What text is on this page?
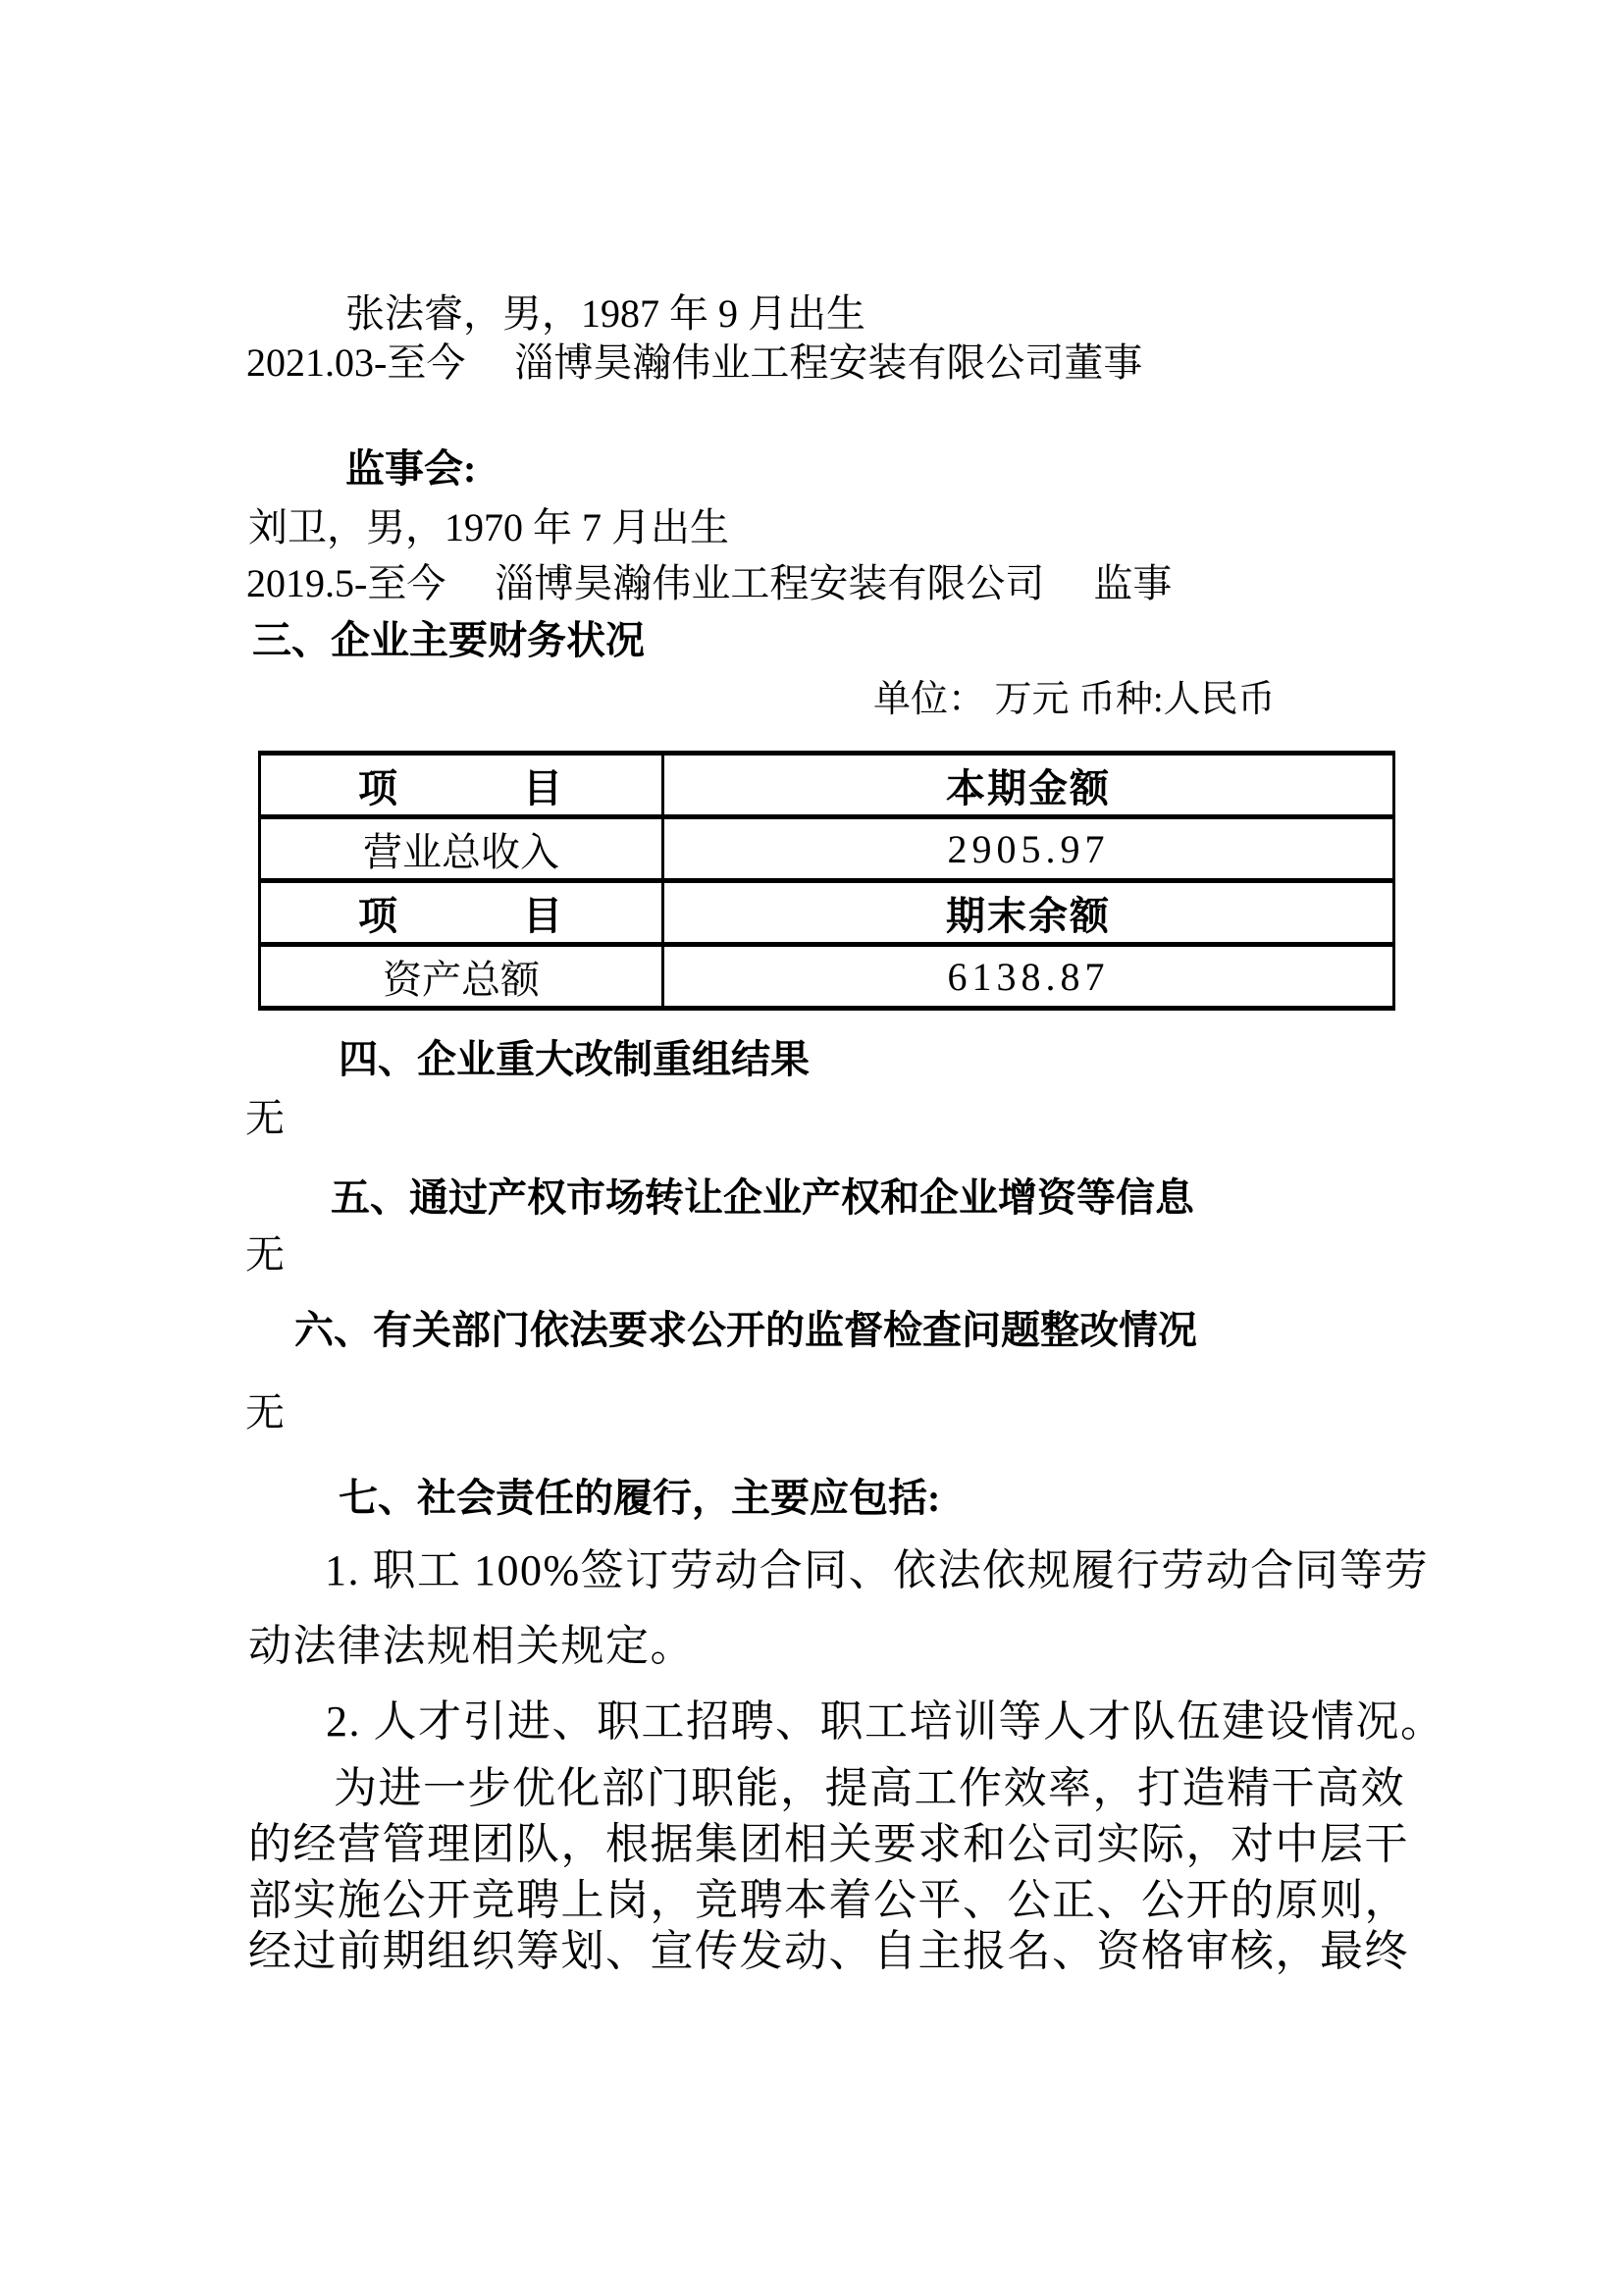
张法睿，男，1987 年 9 月出生
2021.03-至今　 淄博昊瀚伟业工程安装有限公司董事
监事会:
刘卫，男，1970 年 7 月出生
2019.5-至今　 淄博昊瀚伟业工程安装有限公司　 监事
三、企业主要财务状况
单位： 万元 币种:人民币
项　　　目	本期金额
营业总收入	2905.97
项　　　目	期末余额
资产总额	6138.87
四、企业重大改制重组结果
无
五、通过产权市场转让企业产权和企业增资等信息
无
六、有关部门依法要求公开的监督检查问题整改情况
无
七、社会责任的履行，主要应包括:
1. 职工 100%签订劳动合同、依法依规履行劳动合同等劳
动法律法规相关规定。
2. 人才引进、职工招聘、职工培训等人才队伍建设情况。
为进一步优化部门职能，提高工作效率，打造精干高效
的经营管理团队，根据集团相关要求和公司实际，对中层干
部实施公开竞聘上岗，竞聘本着公平、公正、公开的原则，
经过前期组织筹划、宣传发动、自主报名、资格审核，最终
